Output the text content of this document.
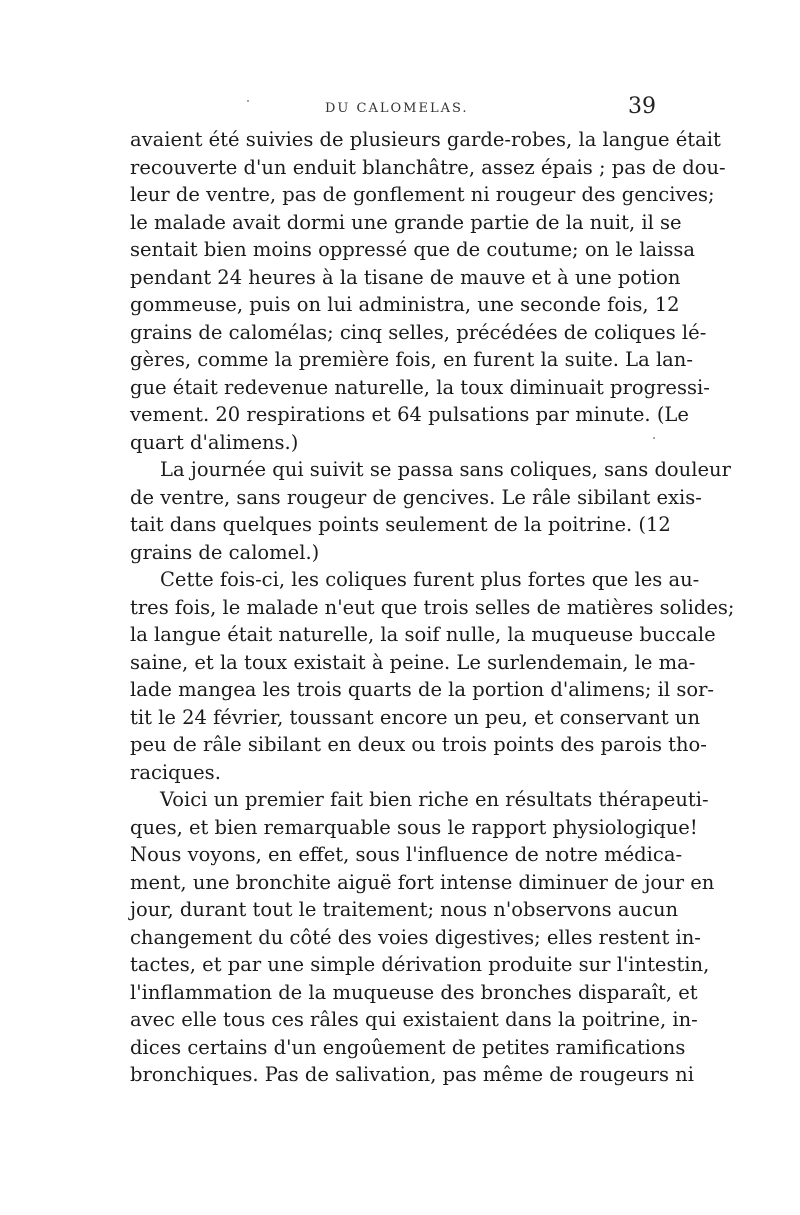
DU CALOMELAS.	39
avaient été suivies de plusieurs garde-robes, la langue était
recouverte d'un enduit blanchâtre, assez épais ; pas de dou-
leur de ventre, pas de gonflement ni rougeur des gencives;
le malade avait dormi une grande partie de la nuit, il se
sentait bien moins oppressé que de coutume; on le laissa
pendant 24 heures à la tisane de mauve et à une potion
gommeuse, puis on lui administra, une seconde fois, 12
grains de calomélas; cinq selles, précédées de coliques lé-
gères, comme la première fois, en furent la suite. La lan-
gue était redevenue naturelle, la toux diminuait progressi-
vement. 20 respirations et 64 pulsations par minute. (Le
quart d'alimens.)
La journée qui suivit se passa sans coliques, sans douleur
de ventre, sans rougeur de gencives. Le râle sibilant exis-
tait dans quelques points seulement de la poitrine. (12
grains de calomel.)
Cette fois-ci, les coliques furent plus fortes que les au-
tres fois, le malade n'eut que trois selles de matières solides;
la langue était naturelle, la soif nulle, la muqueuse buccale
saine, et la toux existait à peine. Le surlendemain, le ma-
lade mangea les trois quarts de la portion d'alimens; il sor-
tit le 24 février, toussant encore un peu, et conservant un
peu de râle sibilant en deux ou trois points des parois tho-
raciques.
Voici un premier fait bien riche en résultats thérapeuti-
ques, et bien remarquable sous le rapport physiologique!
Nous voyons, en effet, sous l'influence de notre médica-
ment, une bronchite aiguë fort intense diminuer de jour en
jour, durant tout le traitement; nous n'observons aucun
changement du côté des voies digestives; elles restent in-
tactes, et par une simple dérivation produite sur l'intestin,
l'inflammation de la muqueuse des bronches disparaît, et
avec elle tous ces râles qui existaient dans la poitrine, in-
dices certains d'un engoûement de petites ramifications
bronchiques. Pas de salivation, pas même de rougeurs ni
